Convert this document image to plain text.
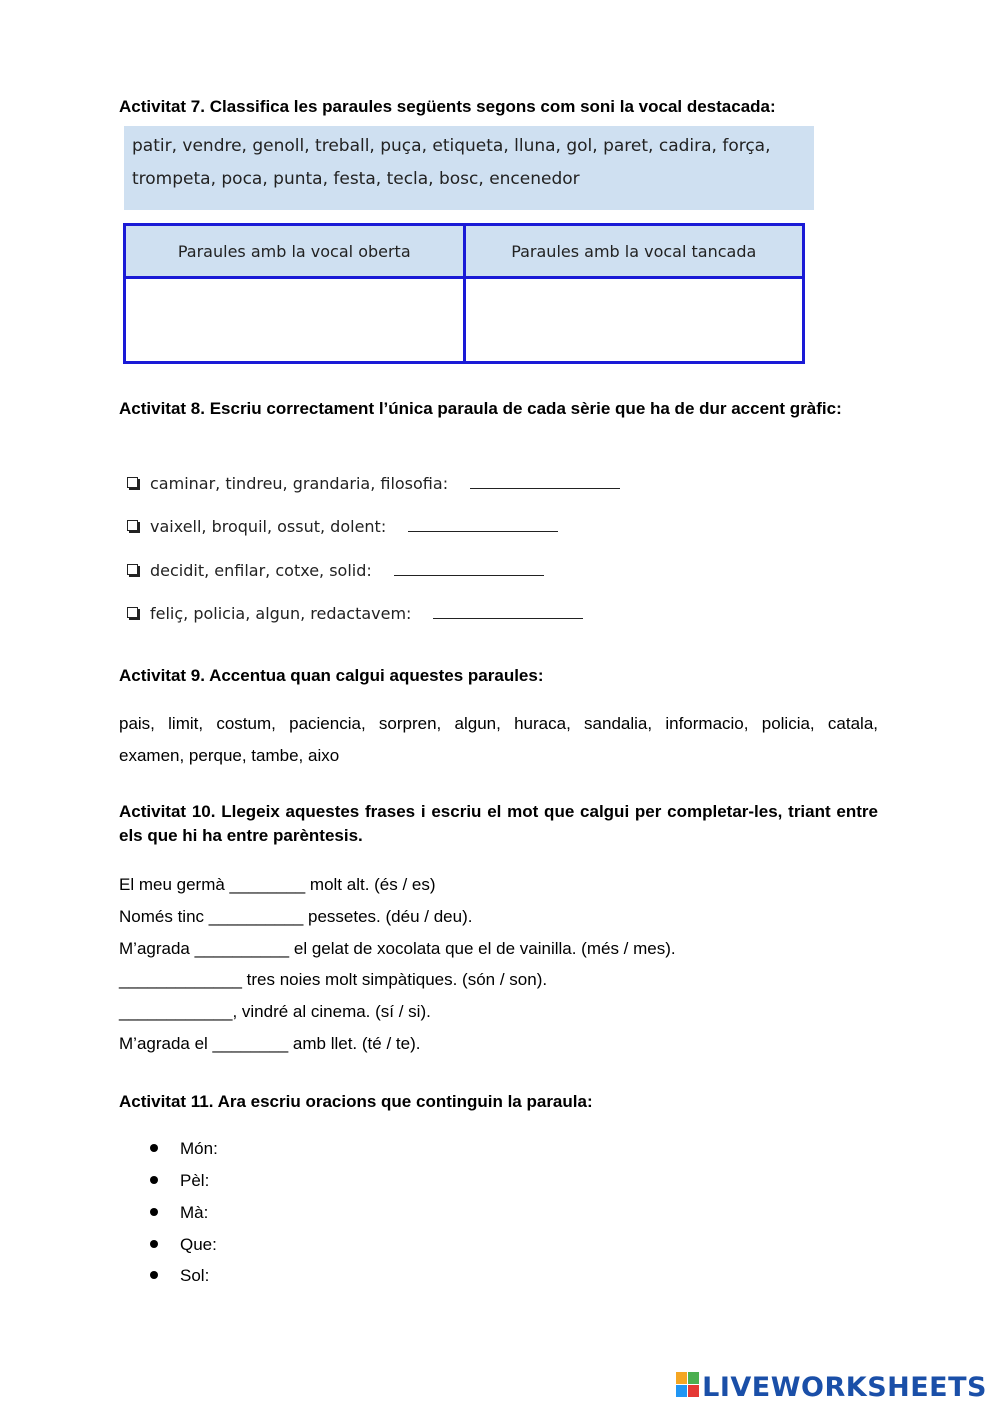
Activitat 7. Classifica les paraules següents segons com soni la vocal destacada:
patir, vendre, genoll, treball, puça, etiqueta, lluna, gol, paret, cadira, força,
trompeta, poca, punta, festa, tecla, bosc, encenedor
Paraules amb la vocal oberta	Paraules amb la vocal tancada

Activitat 8. Escriu correctament l’única paraula de cada sèrie que ha de dur accent gràfic:
caminar, tindreu, grandaria, filosofia:
vaixell, broquil, ossut, dolent:
decidit, enfilar, cotxe, solid:
feliç, policia, algun, redactavem:
Activitat 9. Accentua quan calgui aquestes paraules:
pais, limit, costum, paciencia, sorpren, algun, huraca, sandalia, informacio, policia, catala,
examen, perque, tambe, aixo
Activitat 10. Llegeix aquestes frases i escriu el mot que calgui per completar-les, triant entre els que hi ha entre parèntesis.
El meu germà ________ molt alt. (és / es)
Només tinc __________ pessetes. (déu / deu).
M’agrada __________ el gelat de xocolata que el de vainilla. (més / mes).
_____________ tres noies molt simpàtiques. (són / son).
____________, vindré al cinema. (sí / si).
M’agrada el ________ amb llet. (té / te).
Activitat 11. Ara escriu oracions que continguin la paraula:
Món:
Pèl:
Mà:
Que:
Sol:
LIVEWORKSHEETS
